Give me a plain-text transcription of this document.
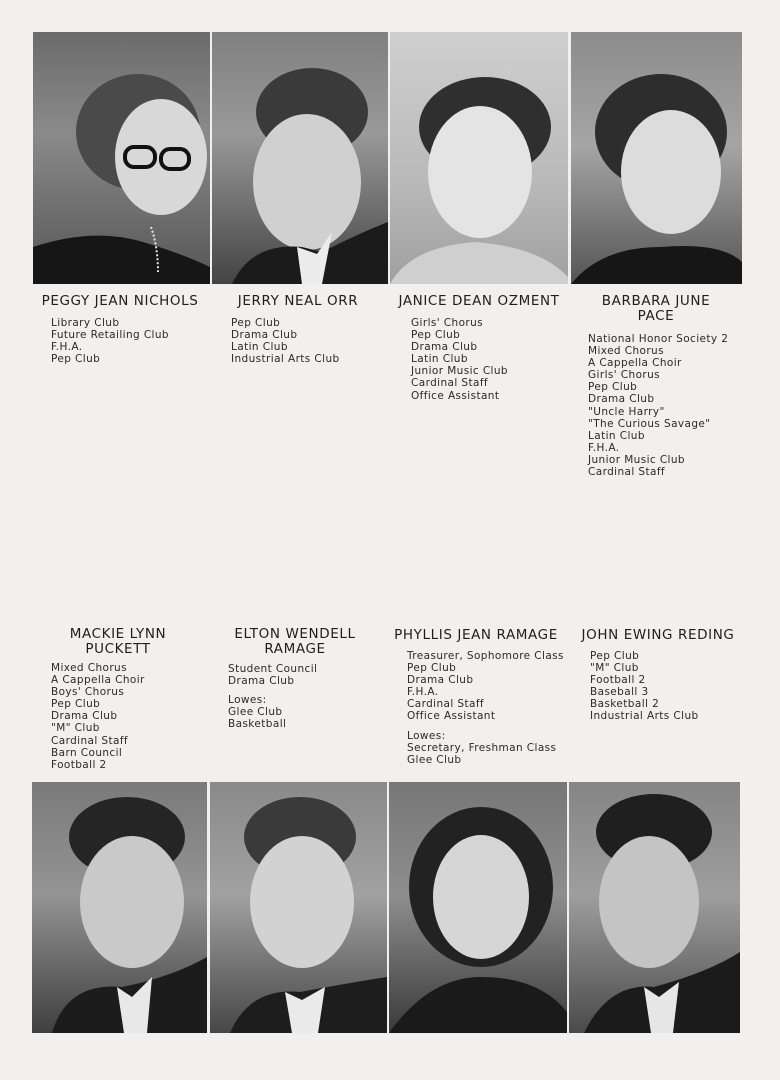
PEGGY JEAN NICHOLS
Library Club
Future Retailing Club
F.H.A.
Pep Club
JERRY NEAL ORR
Pep Club
Drama Club
Latin Club
Industrial Arts Club
JANICE DEAN OZMENT
Girls' Chorus
Pep Club
Drama Club
Latin Club
Junior Music Club
Cardinal Staff
Office Assistant
BARBARA JUNE
PACE
National Honor Society 2
Mixed Chorus
A Cappella Choir
Girls' Chorus
Pep Club
Drama Club
"Uncle Harry"
"The Curious Savage"
Latin Club
F.H.A.
Junior Music Club
Cardinal Staff
MACKIE LYNN
PUCKETT
Mixed Chorus
A Cappella Choir
Boys' Chorus
Pep Club
Drama Club
"M" Club
Cardinal Staff
Barn Council
Football 2
ELTON WENDELL
RAMAGE
Student Council
Drama Club
Lowes:
Glee Club
Basketball
PHYLLIS JEAN RAMAGE
Treasurer, Sophomore Class
Pep Club
Drama Club
F.H.A.
Cardinal Staff
Office Assistant
Lowes:
Secretary, Freshman Class
Glee Club
JOHN EWING REDING
Pep Club
"M" Club
Football 2
Baseball 3
Basketball 2
Industrial Arts Club
